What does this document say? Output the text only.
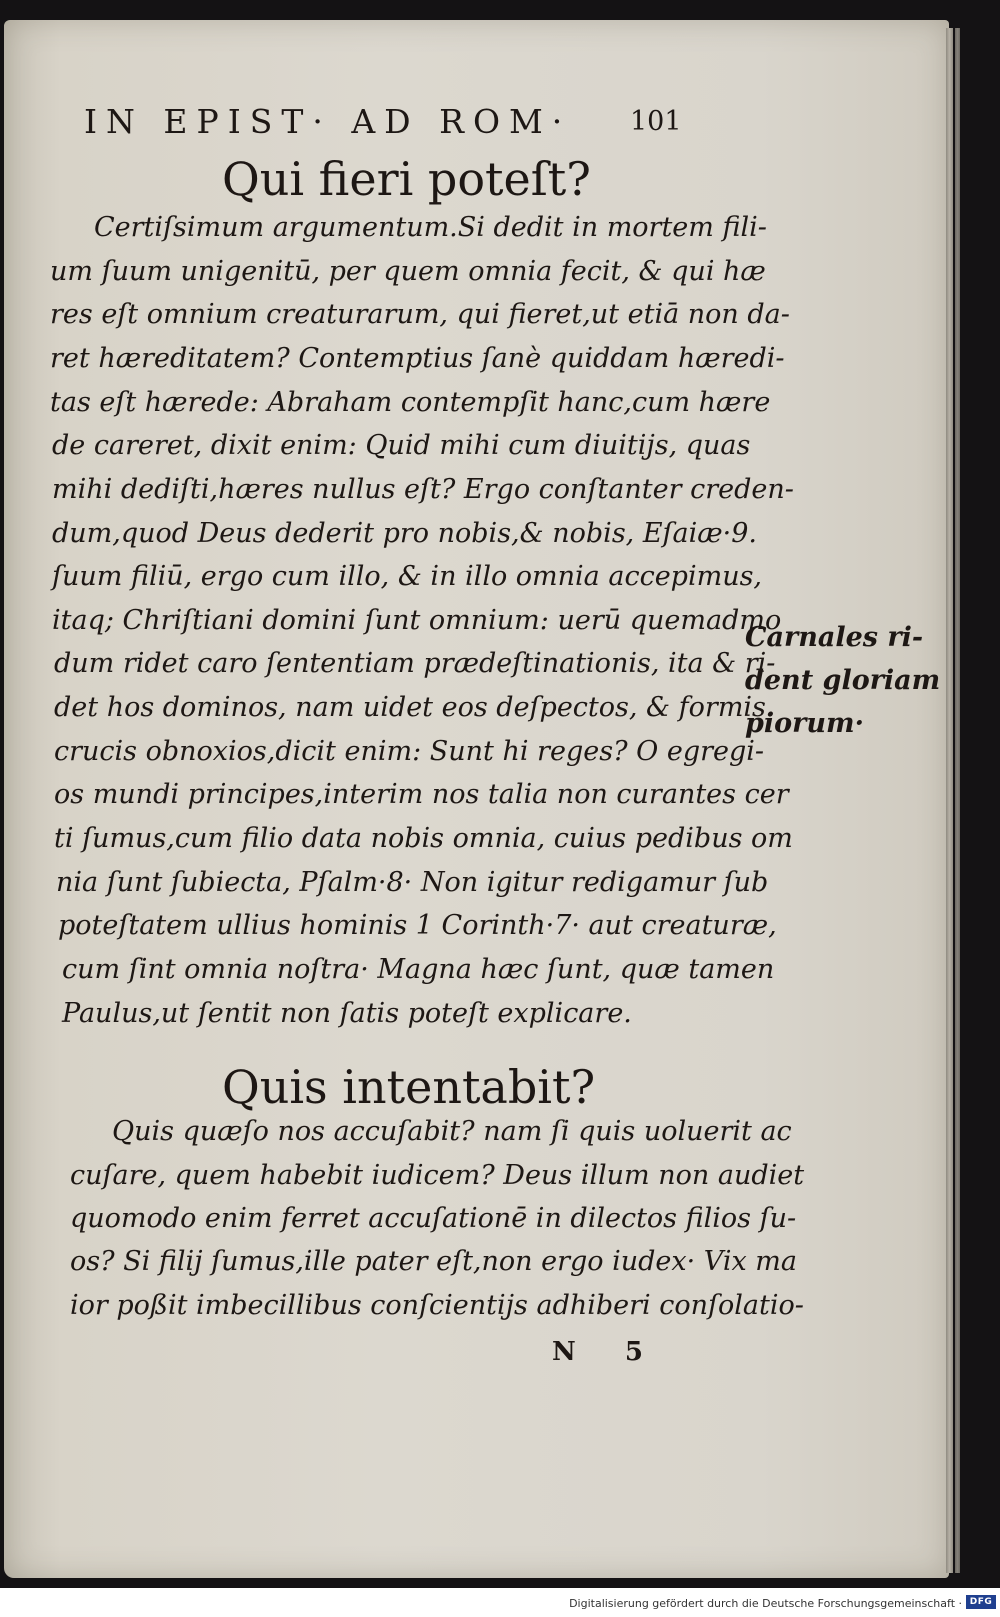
IN EPIST· AD ROM· 101
Qui fieri poteſt?
Certiſsimum argumentum.Si dedit in mortem fili-
um ſuum unigenitū, per quem omnia fecit, & qui hæ
res eſt omnium creaturarum, qui fieret,ut etiā non da-
ret hæreditatem? Contemptius ſanè quiddam hæredi-
tas eſt hærede: Abraham contempſit hanc,cum hære
de careret, dixit enim: Quid mihi cum diuitijs, quas
mihi dediſti,hæres nullus eſt? Ergo conſtanter creden-
dum,quod Deus dederit pro nobis,& nobis, Eſaiæ·9.
ſuum filiū, ergo cum illo, & in illo omnia accepimus,
itaq; Chriſtiani domini ſunt omnium: uerū quemadmo
dum ridet caro ſententiam prædeſtinationis, ita & ri-
det hos dominos, nam uidet eos deſpectos, & formis
crucis obnoxios,dicit enim: Sunt hi reges? O egregi-
os mundi principes,interim nos talia non curantes cer
ti ſumus,cum filio data nobis omnia, cuius pedibus om
nia ſunt ſubiecta, Pſalm·8· Non igitur redigamur ſub
poteſtatem ullius hominis 1 Corinth·7· aut creaturæ,
cum ſint omnia noſtra· Magna hæc ſunt, quæ tamen
Paulus,ut ſentit non ſatis poteſt explicare.
Carnales ri-
dent gloriam
piorum·
Quis intentabit?
Quis quæſo nos accuſabit? nam ſi quis uoluerit ac
cuſare, quem habebit iudicem? Deus illum non audiet
quomodo enim ferret accuſationē in dilectos filios ſu-
os? Si filij ſumus,ille pater eſt,non ergo iudex· Vix ma
ior poßit imbecillibus conſcientijs adhiberi conſolatio-
N 5
Digitalisierung gefördert durch die Deutsche Forschungsgemeinschaft · DFG
